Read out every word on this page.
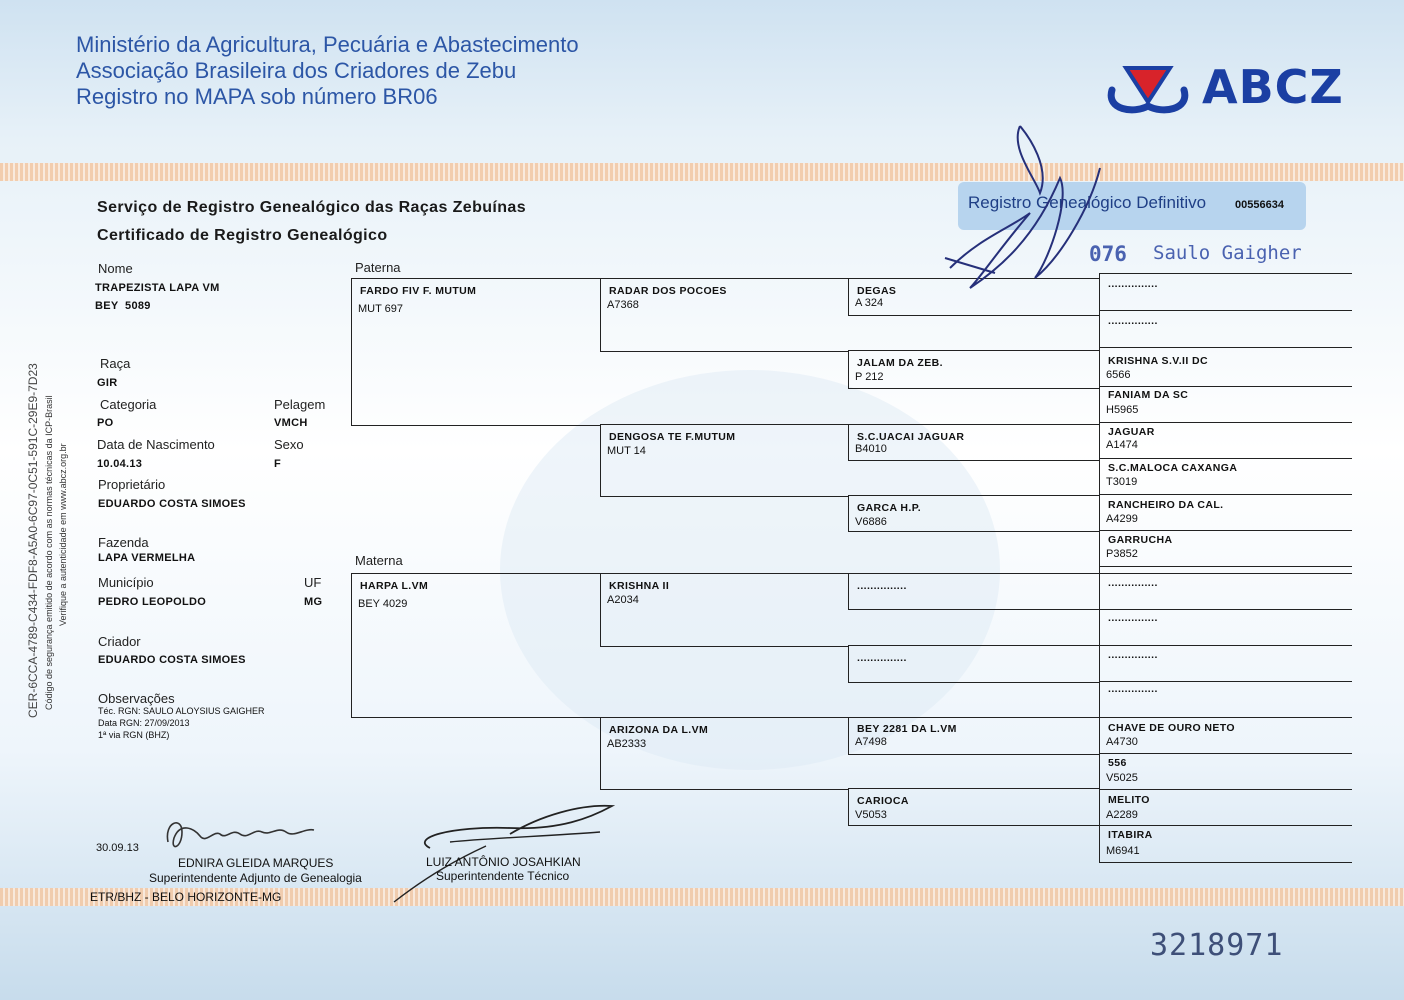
Ministério da Agricultura, Pecuária e Abastecimento
Associação Brasileira dos Criadores de Zebu
Registro no MAPA sob número BR06	ABCZ
Registro Genealógico Definitivo	00556634
076 Saulo Gaigher
Serviço de Registro Genealógico das Raças Zebuínas
Certificado de Registro Genealógico
Nome
TRAPEZISTA LAPA VM
BEY  5089
Raça
GIR
Categoria
PO
Pelagem
VMCH
Data de Nascimento
10.04.13
Sexo
F
Proprietário
EDUARDO COSTA SIMOES
Fazenda
LAPA VERMELHA
Município
PEDRO LEOPOLDO
UF
MG
Criador
EDUARDO COSTA SIMOES
Observações
Téc. RGN: SAULO ALOYSIUS GAIGHER
Data RGN: 27/09/2013
1ª via RGN (BHZ)
Paterna
Materna
FARDO FIV F. MUTUM
MUT 697
HARPA L.VM
BEY 4029
RADAR DOS POCOES
A7368
DENGOSA TE F.MUTUM
MUT 14
KRISHNA II
A2034
ARIZONA DA L.VM
AB2333
DEGAS
A 324
JALAM DA ZEB.
P 212
S.C.UACAI JAGUAR
B4010
GARCA H.P.
V6886
...............
...............
BEY 2281 DA L.VM
A7498
CARIOCA
V5053
...............
...............
KRISHNA S.V.II DC
6566
FANIAM DA SC
H5965
JAGUAR
A1474
S.C.MALOCA CAXANGA
T3019
RANCHEIRO DA CAL.
A4299
GARRUCHA
P3852
...............
...............
...............
...............
CHAVE DE OURO NETO
A4730
556
V5025
MELITO
A2289
ITABIRA
M6941
30.09.13
EDNIRA GLEIDA MARQUES
Superintendente Adjunto de Genealogia
LUIZ ANTÔNIO JOSAHKIAN
Superintendente Técnico
ETR/BHZ - BELO HORIZONTE-MG
3218971
CER-6CCA-4789-C434-FDF8-A5A0-6C97-0C51-591C-29E9-7D23 Código de segurança emitido de acordo com as normas técnicas da ICP-Brasil Verifique a autenticidade em www.abcz.org.br
